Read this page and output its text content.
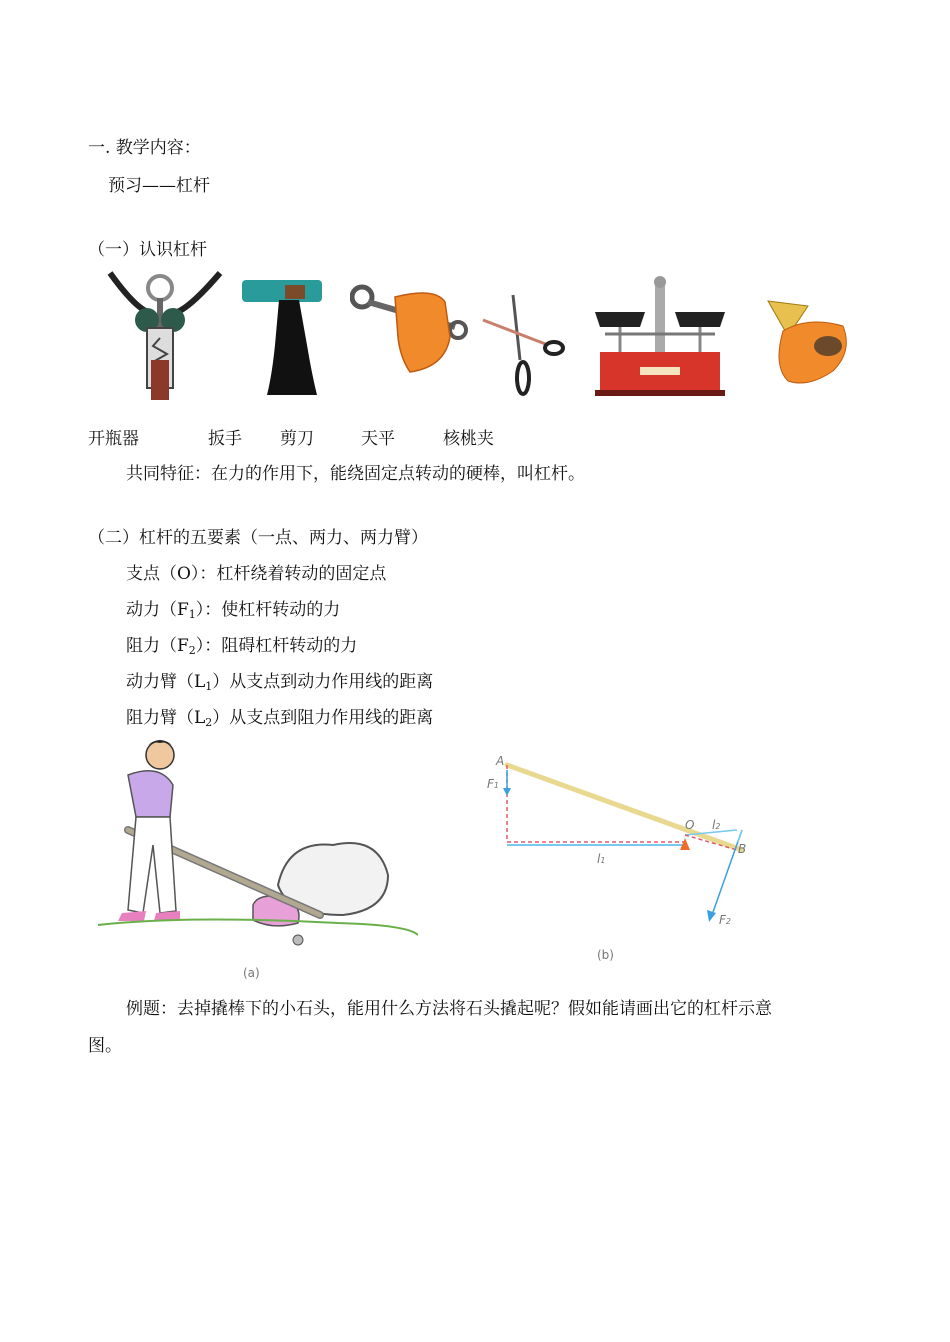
一. 教学内容：
预习——杠杆
（一）认识杠杆
开瓶器	扳手 剪刀	天平	核桃夹
共同特征：在力的作用下，能绕固定点转动的硬棒，叫杠杆。
（二）杠杆的五要素（一点、两力、两力臂）
支点（O）：杠杆绕着转动的固定点
动力$(F_1)$：使杠杆转动的力
阻力$(F_2)$：阻碍杠杆转动的力
动力臂$(L_1)$从支点到动力作用线的距离
阻力臂$(L_2)$从支点到阻力作用线的距离
(a)
A
F1
O l2
B
l1
F2
(b)
例题：去掉撬棒下的小石头，能用什么方法将石头撬起呢？假如能请画出它的杠杆示意
图。
